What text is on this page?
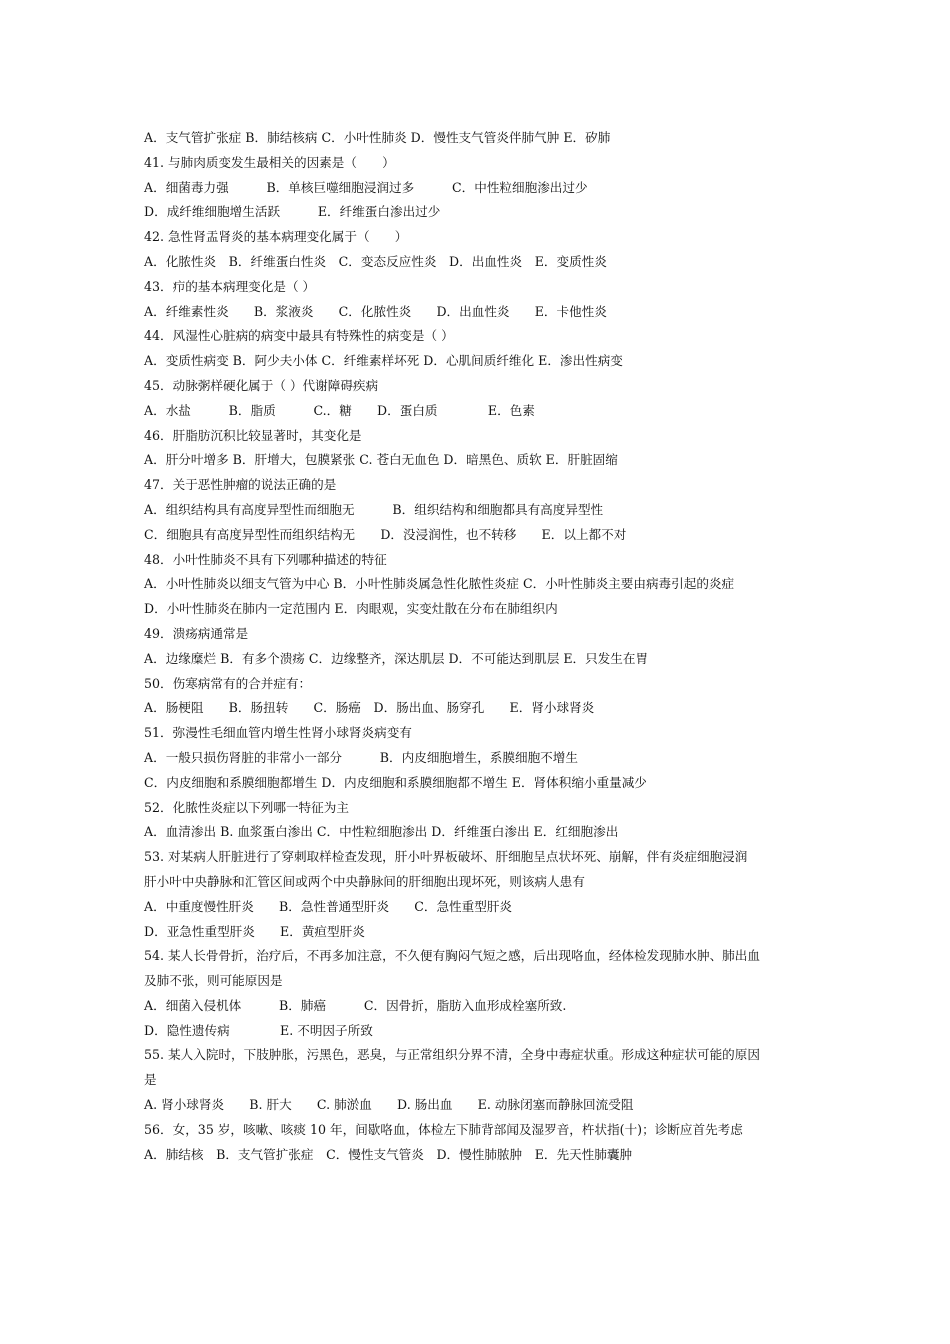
A．支气管扩张症 B．肺结核病 C．小叶性肺炎 D．慢性支气管炎伴肺气肿 E．矽肺
41. 与肺肉质变发生最相关的因素是（　　）
A．细菌毒力强　　　B．单核巨噬细胞浸润过多　　　C．中性粒细胞渗出过少
D．成纤维细胞增生活跃　　　E．纤维蛋白渗出过少
42. 急性肾盂肾炎的基本病理变化属于（　　）
A．化脓性炎　B．纤维蛋白性炎　C．变态反应性炎　D．出血性炎　E．变质性炎
43．疖的基本病理变化是（ ）
A．纤维素性炎　　B．浆液炎　　C．化脓性炎　　D．出血性炎　　E．卡他性炎
44．风湿性心脏病的病变中最具有特殊性的病变是（ ）
A．变质性病变 B．阿少夫小体 C．纤维素样坏死 D．心肌间质纤维化 E．渗出性病变
45．动脉粥样硬化属于（ ）代谢障碍疾病
A．水盐　　　B．脂质　　　C.．糖　　D．蛋白质　　　　E．色素
46．肝脂肪沉积比较显著时，其变化是
A．肝分叶增多 B．肝增大，包膜紧张 C. 苍白无血色 D．暗黑色、质软 E．肝脏固缩
47．关于恶性肿瘤的说法正确的是
A．组织结构具有高度异型性而细胞无　　　B．组织结构和细胞都具有高度异型性
C．细胞具有高度异型性而组织结构无　　D．没浸润性，也不转移　　E．以上都不对
48．小叶性肺炎不具有下列哪种描述的特征
A．小叶性肺炎以细支气管为中心 B．小叶性肺炎属急性化脓性炎症 C．小叶性肺炎主要由病毒引起的炎症
D．小叶性肺炎在肺内一定范围内 E．肉眼观，实变灶散在分布在肺组织内
49．溃疡病通常是
A．边缘糜烂 B．有多个溃疡 C．边缘整齐，深达肌层 D．不可能达到肌层 E．只发生在胃
50．伤寒病常有的合并症有：
A．肠梗阻　　B．肠扭转　　C．肠癌　D．肠出血、肠穿孔　　E．肾小球肾炎
51．弥漫性毛细血管内增生性肾小球肾炎病变有
A．一般只损伤肾脏的非常小一部分　　　B．内皮细胞增生，系膜细胞不增生
C．内皮细胞和系膜细胞都增生 D．内皮细胞和系膜细胞都不增生 E．肾体积缩小重量减少
52．化脓性炎症以下列哪一特征为主
A．血清渗出 B. 血浆蛋白渗出 C．中性粒细胞渗出 D．纤维蛋白渗出 E．红细胞渗出
53. 对某病人肝脏进行了穿刺取样检查发现，肝小叶界板破坏、肝细胞呈点状坏死、崩解，伴有炎症细胞浸润
肝小叶中央静脉和汇管区间或两个中央静脉间的肝细胞出现坏死，则该病人患有
A．中重度慢性肝炎　　B．急性普通型肝炎　　C．急性重型肝炎
D．亚急性重型肝炎　　E．黄疸型肝炎
54. 某人长骨骨折，治疗后，不再多加注意，不久便有胸闷气短之感，后出现咯血，经体检发现肺水肿、肺出血
及肺不张，则可能原因是
A．细菌入侵机体　　　B．肺癌　　　C．因骨折，脂肪入血形成栓塞所致.
D．隐性遗传病　　　　E. 不明因子所致
55. 某人入院时，下肢肿胀，污黑色，恶臭，与正常组织分界不清，全身中毒症状重。形成这种症状可能的原因
是
A. 肾小球肾炎　　B. 肝大　　C. 肺淤血　　D. 肠出血　　E. 动脉闭塞而静脉回流受阻
56．女，35 岁，咳嗽、咳痰 10 年，间歇咯血，体检左下肺背部闻及湿罗音，杵状指(十)；诊断应首先考虑
A．肺结核　B．支气管扩张症　C．慢性支气管炎　D．慢性肺脓肿　E．先天性肺囊肿
